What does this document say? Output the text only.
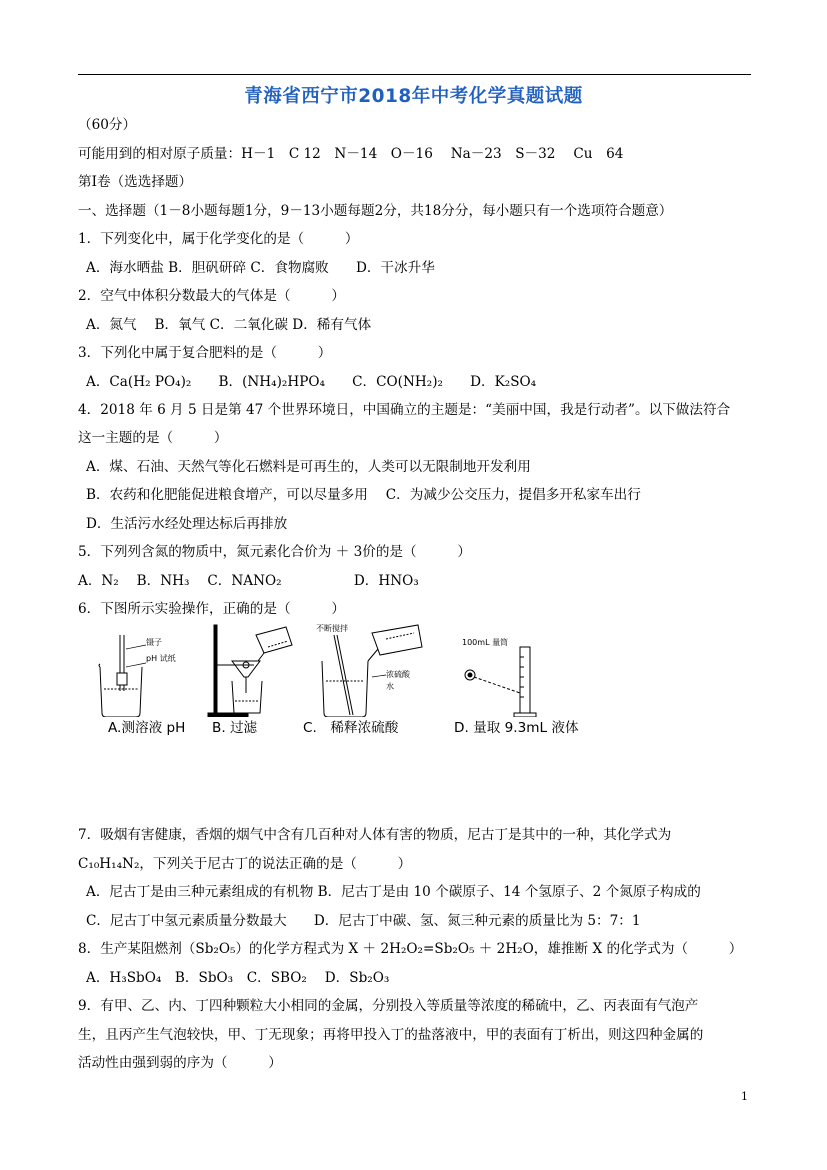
青海省西宁市2018年中考化学真题试题
（60分）
可能用到的相对原子质量：H－1　C 12　N－14　O－16　 Na－23　S－32　 Cu　64
第Ⅰ卷（选选择题）
一、选择题（1－8小题每题1分，9－13小题每题2分，共18分分，每小题只有一个选项符合题意）
1．下列变化中，属于化学变化的是（　　　）
A．海水晒盐 B．胆矾研碎 C．食物腐败　　D．干冰升华
2．空气中体积分数最大的气体是（　　　）
A．氮气　 B．氧气 C．二氧化碳 D．稀有气体
3．下列化中属于复合肥料的是（　　　）
A．Ca(H₂ PO₄)₂　　B．(NH₄)₂HPO₄　　C．CO(NH₂)₂　　D．K₂SO₄
4．2018 年 6 月 5 日是第 47 个世界环境日，中国确立的主题是：“美丽中国，我是行动者”。以下做法符合
这一主题的是（　　　）
A．煤、石油、天然气等化石燃料是可再生的，人类可以无限制地开发利用
B．农药和化肥能促进粮食增产，可以尽量多用　 C．为减少公交压力，提倡多开私家车出行
D．生活污水经处理达标后再排放
5．下列列含氮的物质中，氮元素化合价为 ＋ 3价的是（　　　）
A．N₂　 B．NH₃　 C．NANO₂　　　　　 D．HNO₃
6．下图所示实验操作，正确的是（　　　）
镊子
pH 试纸
不断搅拌
浓硫酸
水
100mL 量筒
A.测溶液 pH B. 过滤	C.　稀释浓硫酸	D. 量取 9.3mL 液体
7．吸烟有害健康，香烟的烟气中含有几百种对人体有害的物质，尼古丁是其中的一种，其化学式为
C₁₀H₁₄N₂，下列关于尼古丁的说法正确的是（　　　）
A．尼古丁是由三种元素组成的有机物 B．尼古丁是由 10 个碳原子、14 个氢原子、2 个氮原子构成的
C．尼古丁中氢元素质量分数最大　　D．尼古丁中碳、氢、氮三种元素的质量比为 5：7：1
8．生产某阻燃剂（Sb₂O₅）的化学方程式为 X ＋ 2H₂O₂=Sb₂O₅ ＋ 2H₂O，雄推断 X 的化学式为（　　　）
A．H₃SbO₄　B．SbO₃　C．SBO₂　 D．Sb₂O₃
9．有甲、乙、内、丁四种颗粒大小相同的金属，分别投入等质量等浓度的稀硫中，乙、丙表面有气泡产
生，且丙产生气泡较快，甲、丁无现象；再将甲投入丁的盐落液中，甲的表面有丁析出，则这四种金属的
活动性由强到弱的序为（　　　）
1
